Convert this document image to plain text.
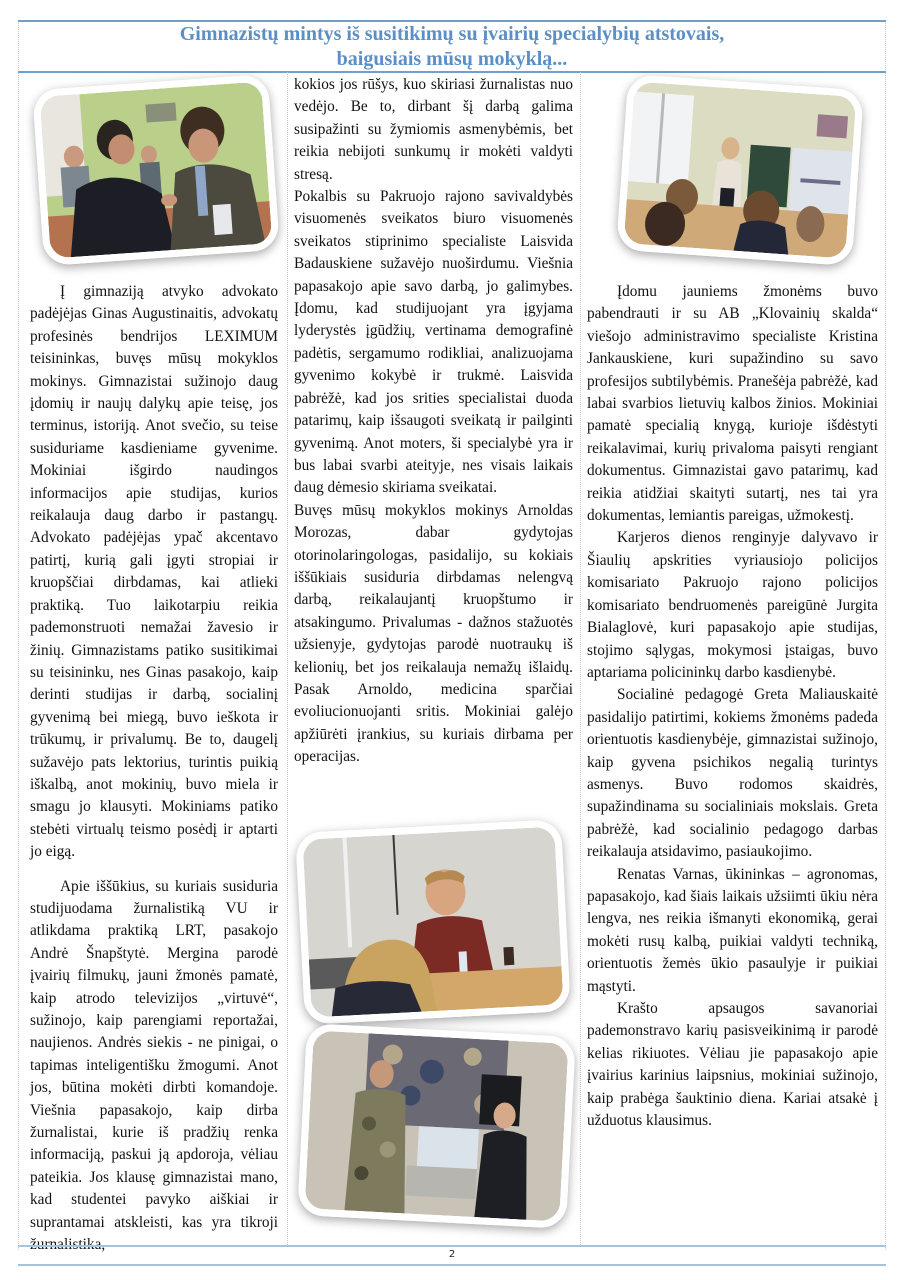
Gimnazistų mintys iš susitikimų su įvairių specialybių atstovais,
baigusiais mūsų mokyklą...

Į gimnaziją atvyko advokato padėjėjas Ginas Augustinaitis, advokatų profesinės bendrijos LEXIMUM teisininkas, buvęs mūsų mokyklos mokinys. Gimnazistai sužinojo daug įdomių ir naujų dalykų apie teisę, jos terminus, istoriją. Anot svečio, su teise susiduriame kasdieniame gyvenime. Mokiniai išgirdo naudingos informacijos apie studijas, kurios reikalauja daug darbo ir pastangų. Advokato padėjėjas ypač akcentavo patirtį, kurią gali įgyti stropiai ir kruopščiai dirbdamas, kai atlieki praktiką. Tuo laikotarpiu reikia pademonstruoti nemažai žavesio ir žinių. Gimnazistams patiko susitikimai su teisininku, nes Ginas pasakojo, kaip derinti studijas ir darbą, socialinį gyvenimą bei miegą, buvo ieškota ir trūkumų, ir privalumų. Be to, daugelį sužavėjo pats lektorius, turintis puikią iškalbą, anot mokinių, buvo miela ir smagu jo klausyti. Mokiniams patiko stebėti virtualų teismo posėdį ir aptarti jo eigą.

Apie iššūkius, su kuriais susiduria studijuodama žurnalistiką VU ir atlikdama praktiką LRT, pasakojo Andrė Šnapštytė. Mergina parodė įvairių filmukų, jauni žmonės pamatė, kaip atrodo televizijos „virtuvė“, sužinojo, kaip parengiami reportažai, naujienos. Andrės siekis - ne pinigai, o tapimas inteligentišku žmogumi. Anot jos, būtina mokėti dirbti komandoje. Viešnia papasakojo, kaip dirba žurnalistai, kurie iš pradžių renka informaciją, paskui ją apdoroja, vėliau pateikia. Jos klausę gimnazistai mano, kad studentei pavyko aiškiai ir suprantamai atskleisti, kas yra tikroji žurnalistika,

kokios jos rūšys, kuo skiriasi žurnalistas nuo vedėjo. Be to, dirbant šį darbą galima susipažinti su žymiomis asmenybėmis, bet reikia nebijoti sunkumų ir mokėti valdyti stresą.

Pokalbis su Pakruojo rajono savivaldybės visuomenės sveikatos biuro visuomenės sveikatos stiprinimo specialiste Laisvida Badauskiene sužavėjo nuoširdumu. Viešnia papasakojo apie savo darbą, jo galimybes. Įdomu, kad studijuojant yra įgyjama lyderystės įgūdžių, vertinama demografinė padėtis, sergamumo rodikliai, analizuojama gyvenimo kokybė ir trukmė. Laisvida pabrėžė, kad jos srities specialistai duoda patarimų, kaip išsaugoti sveikatą ir pailginti gyvenimą. Anot moters, ši specialybė yra ir bus labai svarbi ateityje, nes visais laikais daug dėmesio skiriama sveikatai.

Buvęs mūsų mokyklos mokinys Arnoldas Morozas, dabar gydytojas otorinolaringologas, pasidalijo, su kokiais iššūkiais susiduria dirbdamas nelengvą darbą, reikalaujantį kruopštumo ir atsakingumo. Privalumas - dažnos stažuotės užsienyje, gydytojas parodė nuotraukų iš kelionių, bet jos reikalauja nemažų išlaidų. Pasak Arnoldo, medicina sparčiai evoliucionuojanti sritis. Mokiniai galėjo apžiūrėti įrankius, su kuriais dirbama per operacijas.

Įdomu jauniems žmonėms buvo pabendrauti ir su AB „Klovainių skalda“ viešojo administravimo specialiste Kristina Jankauskiene, kuri supažindino su savo profesijos subtilybėmis. Pranešėja pabrėžė, kad labai svarbios lietuvių kalbos žinios. Mokiniai pamatė specialią knygą, kurioje išdėstyti reikalavimai, kurių privaloma paisyti rengiant dokumentus. Gimnazistai gavo patarimų, kad reikia atidžiai skaityti sutartį, nes tai yra dokumentas, lemiantis pareigas, užmokestį.

Karjeros dienos renginyje dalyvavo ir Šiaulių apskrities vyriausiojo policijos komisariato Pakruojo rajono policijos komisariato bendruomenės pareigūnė Jurgita Bialaglovė, kuri papasakojo apie studijas, stojimo sąlygas, mokymosi įstaigas, buvo aptariama policininkų darbo kasdienybė.

Socialinė pedagogė Greta Maliauskaitė pasidalijo patirtimi, kokiems žmonėms padeda orientuotis kasdienybėje, gimnazistai sužinojo, kaip gyvena psichikos negalią turintys asmenys. Buvo rodomos skaidrės, supažindinama su socialiniais mokslais. Greta pabrėžė, kad socialinio pedagogo darbas reikalauja atsidavimo, pasiaukojimo.

Renatas Varnas, ūkininkas – agronomas, papasakojo, kad šiais laikais užsiimti ūkiu nėra lengva, nes reikia išmanyti ekonomiką, gerai mokėti rusų kalbą, puikiai valdyti techniką, orientuotis žemės ūkio pasaulyje ir puikiai mąstyti.

Krašto apsaugos savanoriai pademonstravo karių pasisveikinimą ir parodė kelias rikiuotes. Vėliau jie papasakojo apie įvairius karinius laipsnius, mokiniai sužinojo, kaip prabėga šauktinio diena. Kariai atsakė į užduotus klausimus.

2
